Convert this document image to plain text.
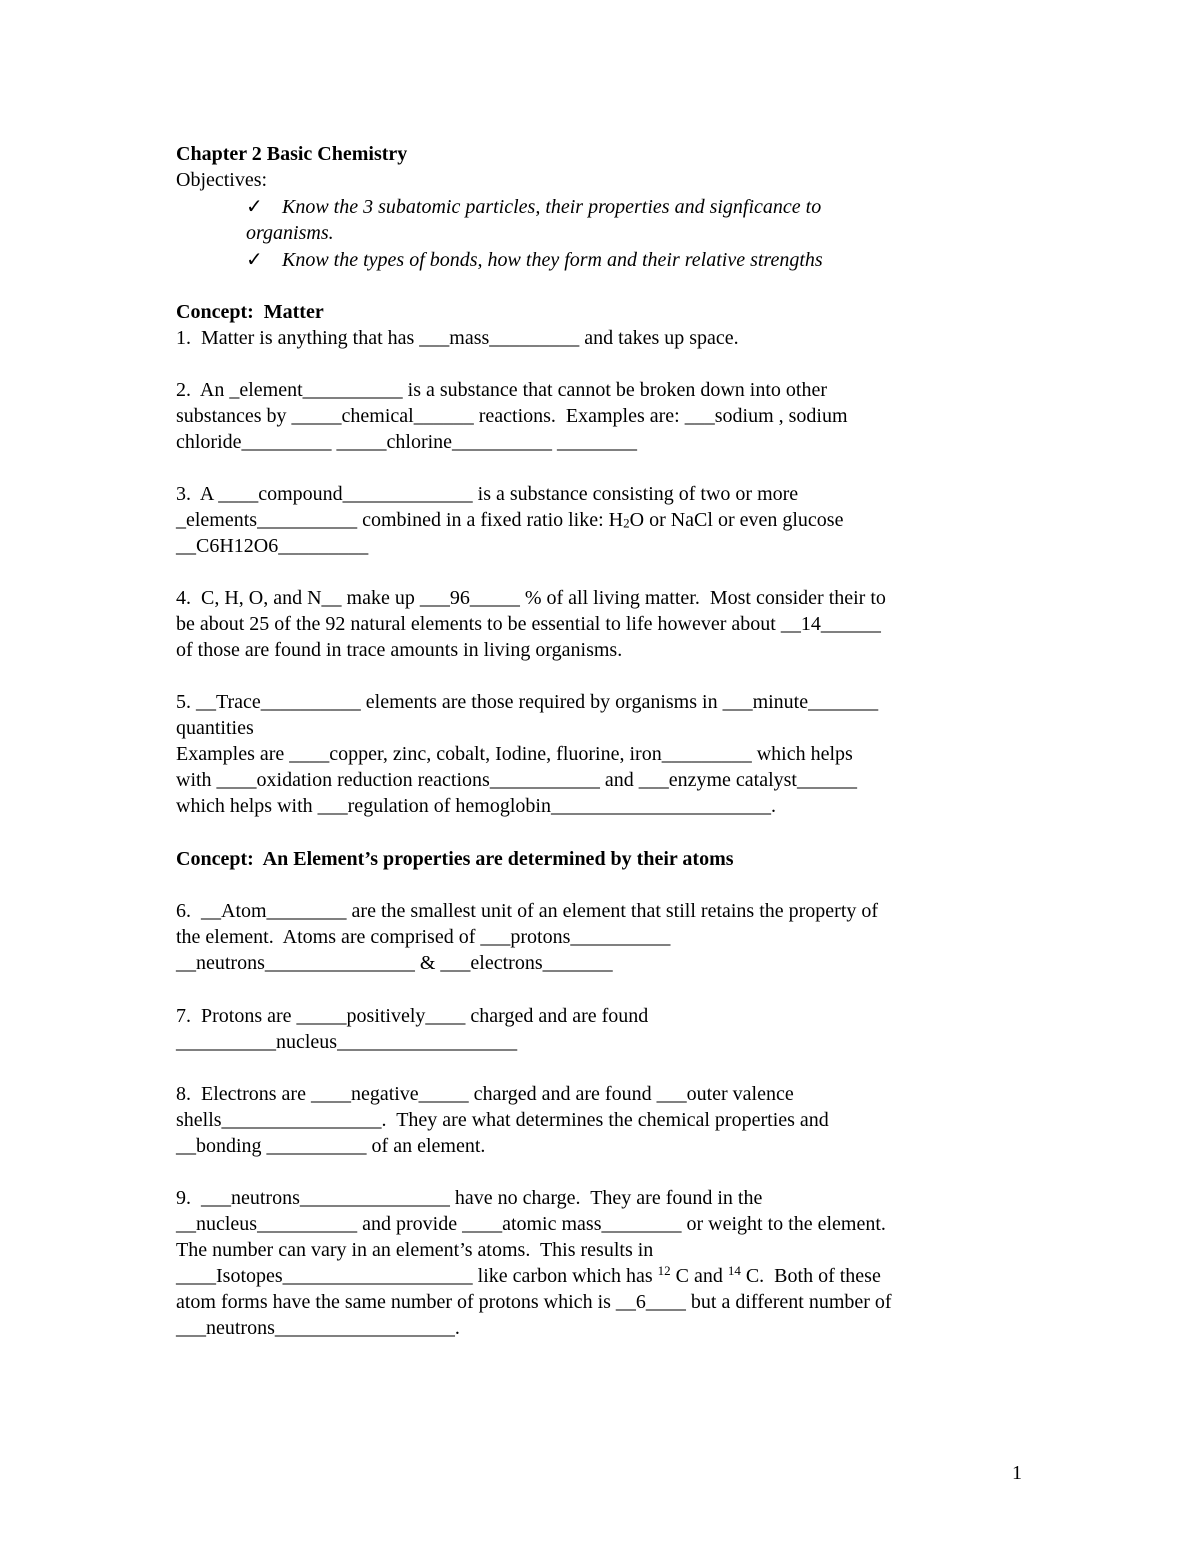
Chapter 2 Basic Chemistry
Objectives:
✓ Know the 3 subatomic particles, their properties and signficance to
organisms.
✓ Know the types of bonds, how they form and their relative strengths
Concept:  Matter
1.  Matter is anything that has ___mass_________ and takes up space.
2.  An _element__________ is a substance that cannot be broken down into other
substances by _____chemical______ reactions.  Examples are: ___sodium , sodium
chloride_________ _____chlorine__________ ________
3.  A ____compound_____________ is a substance consisting of two or more
_elements__________ combined in a fixed ratio like: $H_2O$ or NaCl or even glucose
__C6H12O6_________
4.  C, H, O, and N__ make up ___96_____ % of all living matter.  Most consider their to
be about 25 of the 92 natural elements to be essential to life however about __14______
of those are found in trace amounts in living organisms.
5. __Trace__________ elements are those required by organisms in ___minute_______
quantities
Examples are ____copper, zinc, cobalt, Iodine, fluorine, iron_________ which helps
with ____oxidation reduction reactions___________ and ___enzyme catalyst______
which helps with ___regulation of hemoglobin______________________.
Concept:  An Element’s properties are determined by their atoms
6.  __Atom________ are the smallest unit of an element that still retains the property of
the element.  Atoms are comprised of ___protons__________
__neutrons_______________ & ___electrons_______
7.  Protons are _____positively____ charged and are found
__________nucleus__________________
8.  Electrons are ____negative_____ charged and are found ___outer valence
shells________________.  They are what determines the chemical properties and
__bonding __________ of an element.
9.  ___neutrons_______________ have no charge.  They are found in the
__nucleus__________ and provide ____atomic mass________ or weight to the element.
The number can vary in an element’s atoms.  This results in
____Isotopes___________________ like carbon which has $^{12}$ C and $^{14}$ C.  Both of these
atom forms have the same number of protons which is __6____ but a different number of
___neutrons__________________.
1
